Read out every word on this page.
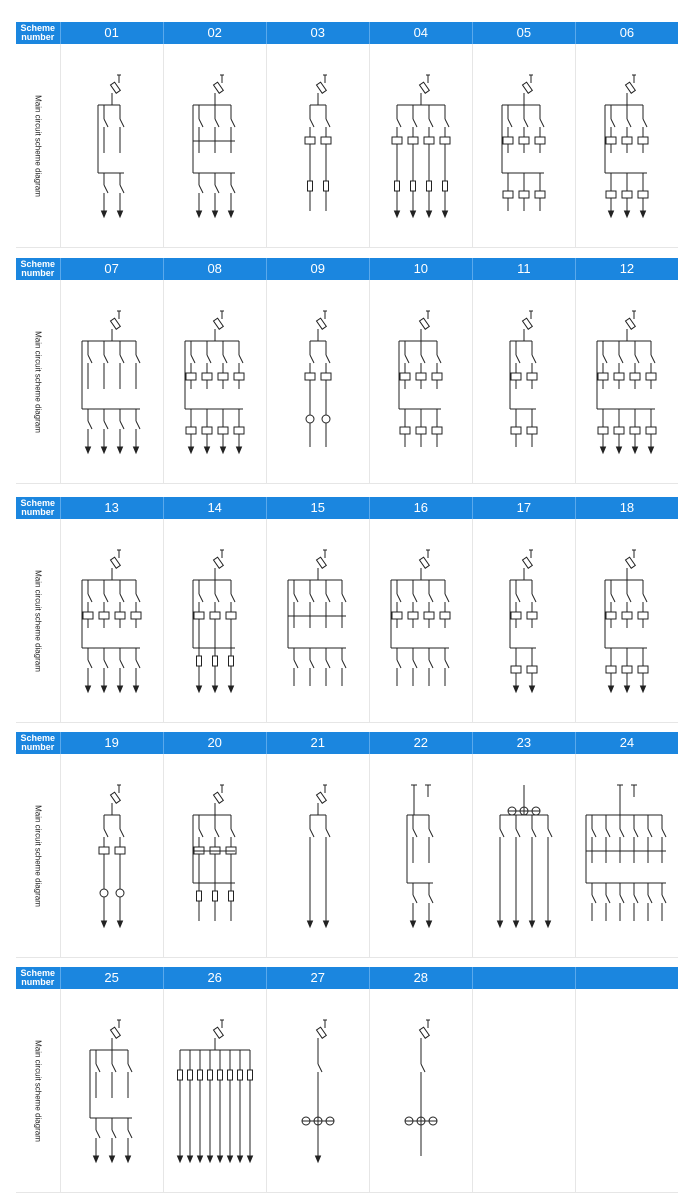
Scheme
number	01	02	03	04	05	06
Main circuit scheme diagram
Scheme
number	07	08	09	10	11	12
Main circuit scheme diagram
Scheme
number	13	14	15	16	17	18
Main circuit scheme diagram
Scheme
number	19	20	21	22	23	24
Main circuit scheme diagram
Scheme
number	25	26	27	28
Main circuit scheme diagram
